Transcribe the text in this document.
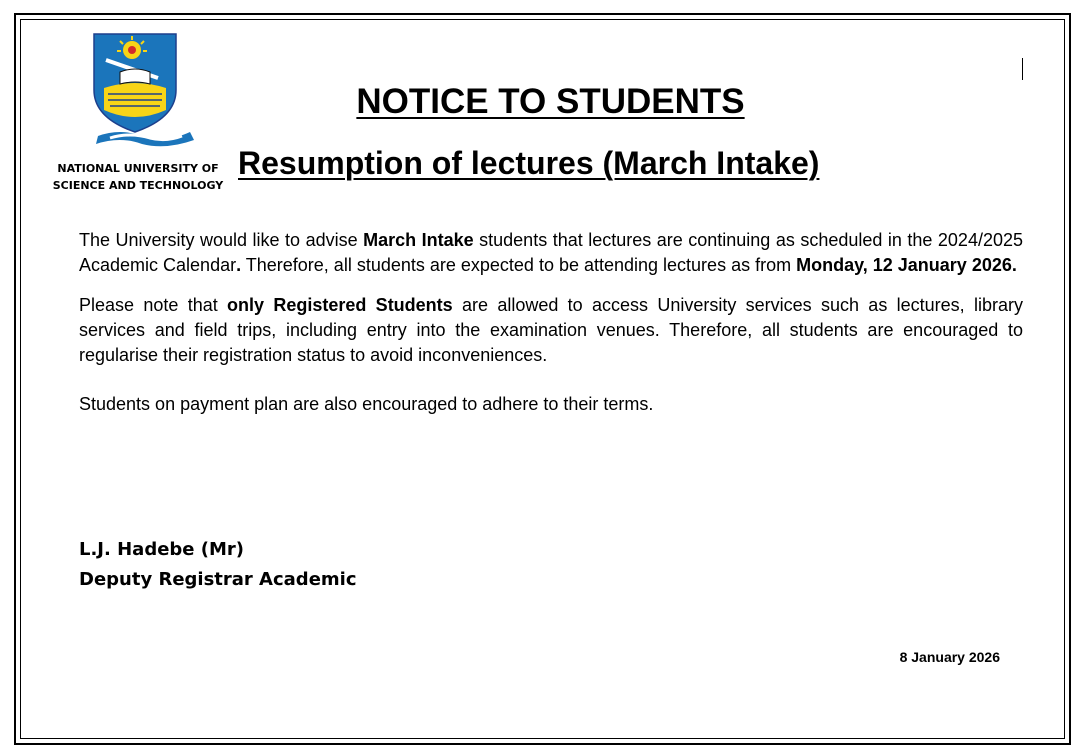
NATIONAL UNIVERSITY OF
SCIENCE AND TECHNOLOGY
NOTICE TO STUDENTS
Resumption of lectures (March Intake)

The University would like to advise March Intake students that lectures are continuing as scheduled in the 2024/2025 Academic Calendar. Therefore, all students are expected to be attending lectures as from Monday, 12 January 2026.

Please note that only Registered Students are allowed to access University services such as lectures, library services and field trips, including entry into the examination venues. Therefore, all students are encouraged to regularise their registration status to avoid inconveniences.

Students on payment plan are also encouraged to adhere to their terms.

L.J. Hadebe (Mr)
Deputy Registrar Academic
8 January 2026
